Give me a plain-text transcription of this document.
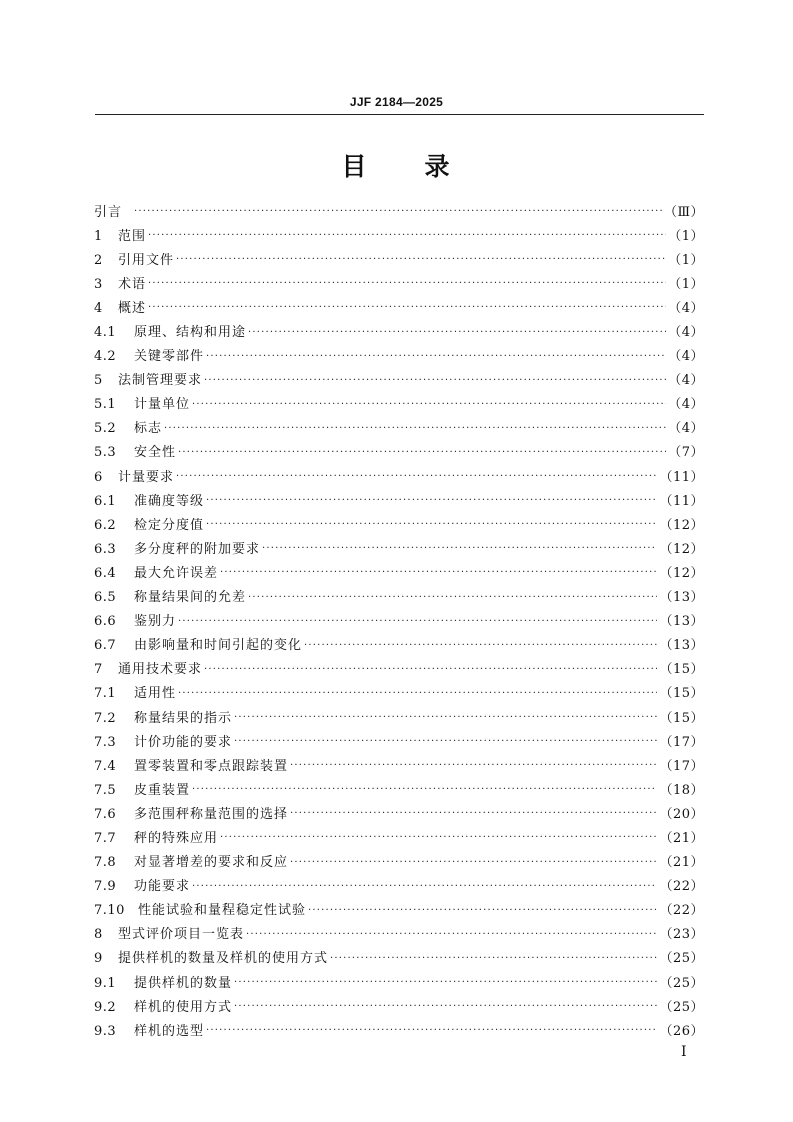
JJF 2184—2025
目 录
引言 ·····	（Ⅲ）
1	范围 ·····	（1）
2	引用文件 ·····	（1）
3	术语 ·····	（1）
4	概述 ·····	（4）
4.1	原理、结构和用途 ·····	（4）
4.2	关键零部件 ·····	（4）
5	法制管理要求 ·····	（4）
5.1	计量单位 ·····	（4）
5.2	标志 ·····	（4）
5.3	安全性 ·····	（7）
6	计量要求 ·····	（11）
6.1	准确度等级 ·····	（11）
6.2	检定分度值 ·····	（12）
6.3	多分度秤的附加要求 ·····	（12）
6.4	最大允许误差 ·····	（12）
6.5	称量结果间的允差 ·····	（13）
6.6	鉴别力 ·····	（13）
6.7	由影响量和时间引起的变化 ·····	（13）
7	通用技术要求 ·····	（15）
7.1	适用性 ·····	（15）
7.2	称量结果的指示 ·····	（15）
7.3	计价功能的要求 ·····	（17）
7.4	置零装置和零点跟踪装置 ·····	（17）
7.5	皮重装置 ·····	（18）
7.6	多范围秤称量范围的选择 ·····	（20）
7.7	秤的特殊应用 ·····	（21）
7.8	对显著增差的要求和反应 ·····	（21）
7.9	功能要求 ·····	（22）
7.10	性能试验和量程稳定性试验 ·····	（22）
8	型式评价项目一览表 ·····	（23）
9	提供样机的数量及样机的使用方式 ·····	（25）
9.1	提供样机的数量 ·····	（25）
9.2	样机的使用方式 ·····	（25）
9.3	样机的选型 ·····	（26）
Ⅰ
